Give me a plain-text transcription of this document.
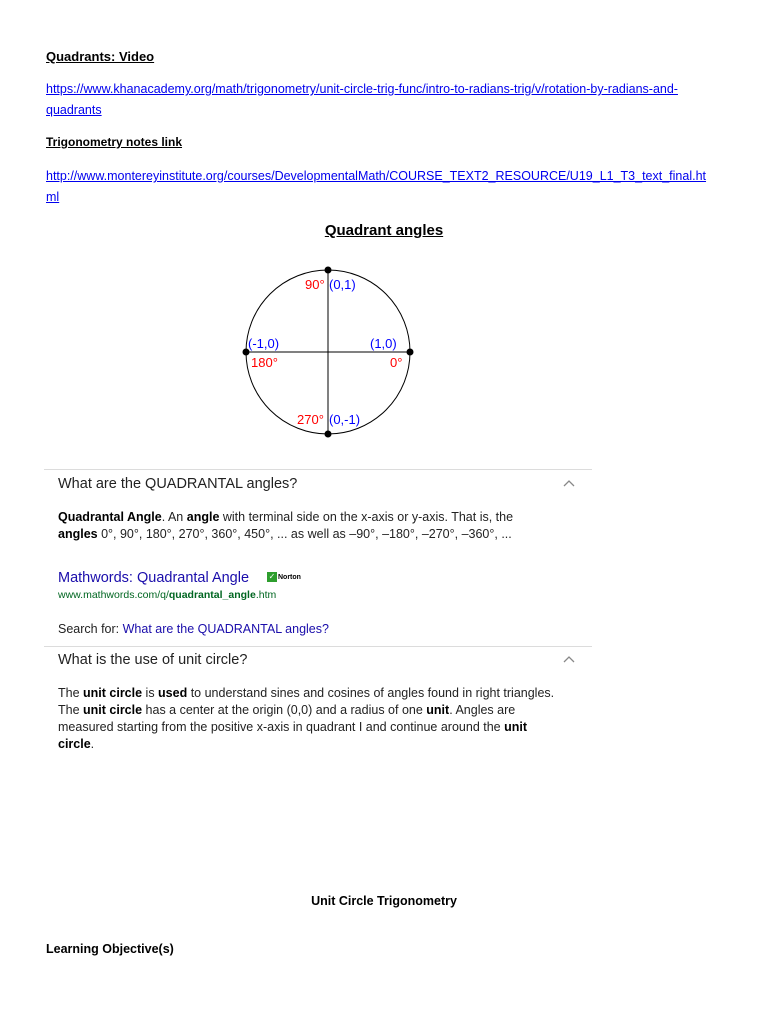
Quadrants: Video
https://www.khanacademy.org/math/trigonometry/unit-circle-trig-func/intro-to-radians-trig/v/rotation-by-radians-and-
quadrants
Trigonometry notes link
http://www.montereyinstitute.org/courses/DevelopmentalMath/COURSE_TEXT2_RESOURCE/U19_L1_T3_text_final.ht
ml
Quadrant angles
90° (0,1)
(-1,0)
180°
(1,0)
0°
270° (0,-1)
What are the QUADRANTAL angles?
Quadrantal Angle. An angle with terminal side on the x-axis or y-axis. That is, the
angles 0°, 90°, 180°, 270°, 360°, 450°, ... as well as –90°, –180°, –270°, –360°, ...
Mathwords: Quadrantal Angle ✓ Norton
www.mathwords.com/q/quadrantal_angle.htm
Search for: What are the QUADRANTAL angles?
What is the use of unit circle?
The unit circle is used to understand sines and cosines of angles found in right triangles. The unit circle has a center at the origin (0,0) and a radius of one unit. Angles are measured starting from the positive x-axis in quadrant I and continue around the unit circle.
Unit Circle Trigonometry
Learning Objective(s)
